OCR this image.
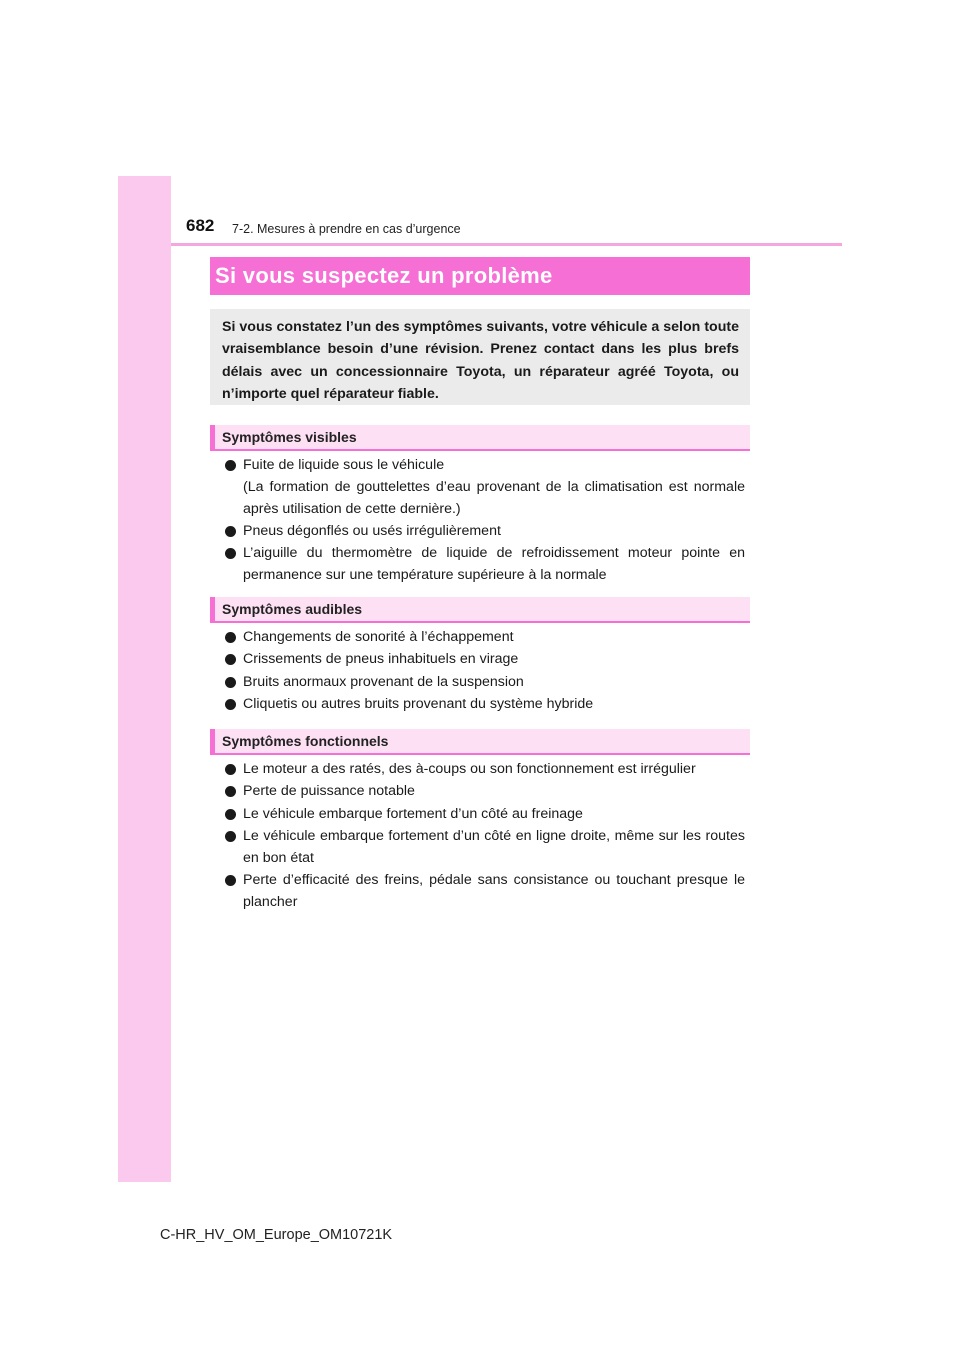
682 7-2. Mesures à prendre en cas d’urgence
Si vous suspectez un problème
Si vous constatez l’un des symptômes suivants, votre véhicule a selon toute vraisemblance besoin d’une révision. Prenez contact dans les plus brefs délais avec un concessionnaire Toyota, un réparateur agréé Toyota, ou n’importe quel réparateur fiable.
Symptômes visibles
Fuite de liquide sous le véhicule
(La formation de gouttelettes d’eau provenant de la climatisation est normale après utilisation de cette dernière.)
Pneus dégonflés ou usés irrégulièrement
L’aiguille du thermomètre de liquide de refroidissement moteur pointe en permanence sur une température supérieure à la normale
Symptômes audibles
Changements de sonorité à l’échappement
Crissements de pneus inhabituels en virage
Bruits anormaux provenant de la suspension
Cliquetis ou autres bruits provenant du système hybride
Symptômes fonctionnels
Le moteur a des ratés, des à-coups ou son fonctionnement est irrégulier
Perte de puissance notable
Le véhicule embarque fortement d’un côté au freinage
Le véhicule embarque fortement d’un côté en ligne droite, même sur les routes en bon état
Perte d’efficacité des freins, pédale sans consistance ou touchant presque le plancher
C-HR_HV_OM_Europe_OM10721K
